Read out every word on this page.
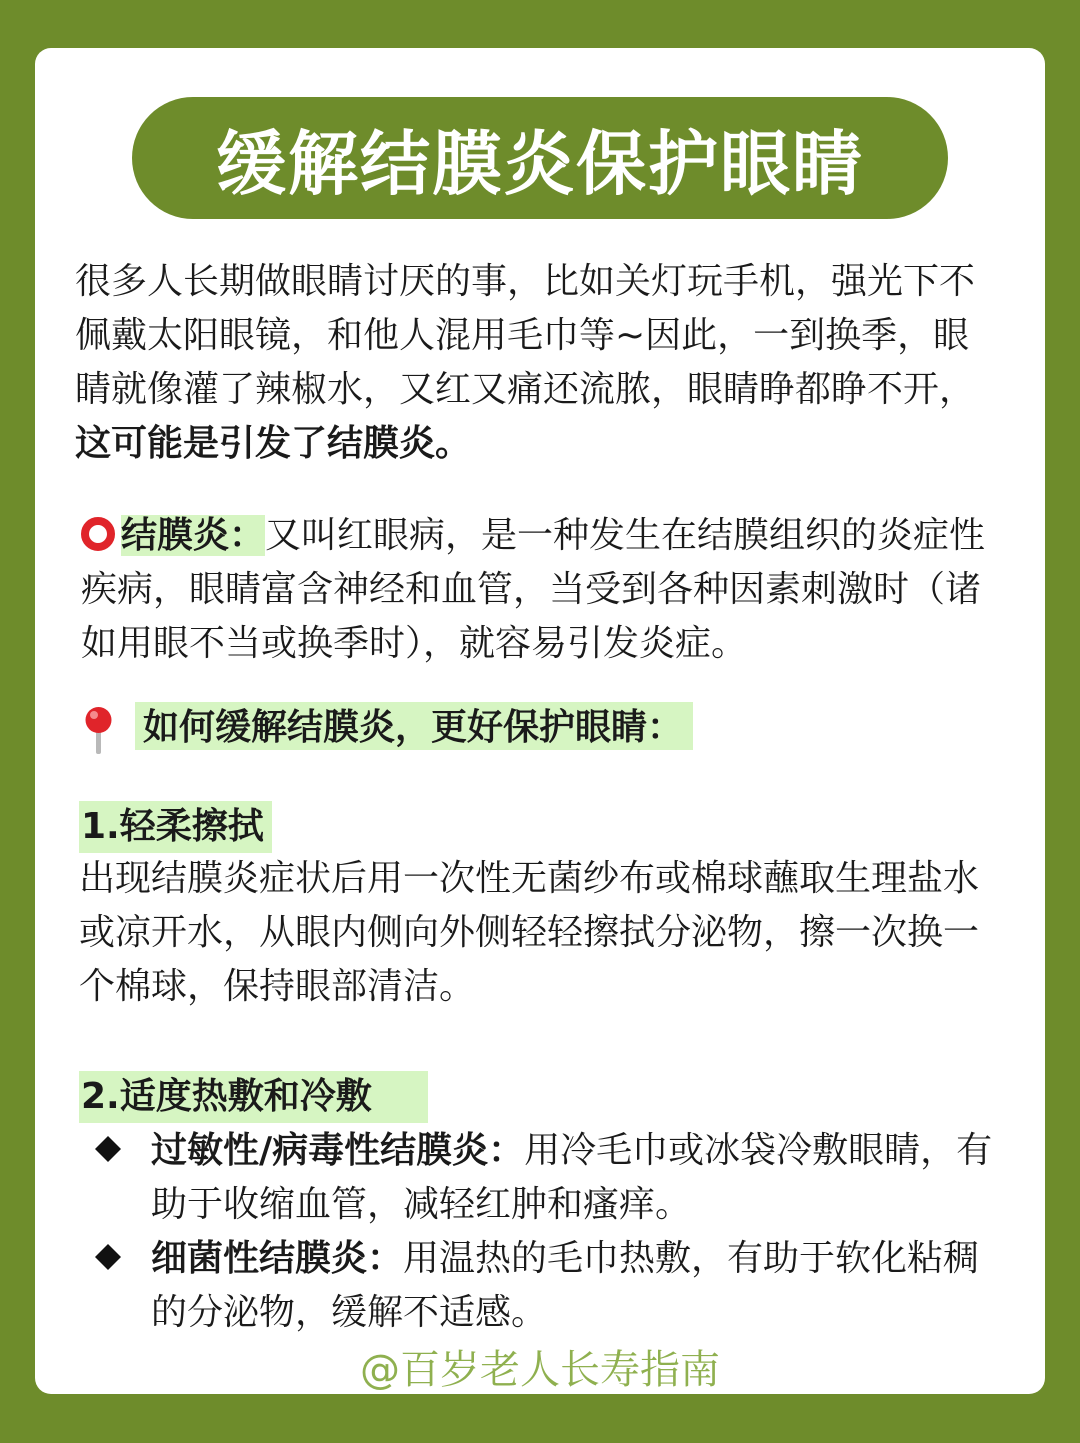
缓解结膜炎保护眼睛

很多人长期做眼睛讨厌的事，比如关灯玩手机，强光下不佩戴太阳眼镜，和他人混用毛巾等~因此，一到换季，眼睛就像灌了辣椒水，又红又痛还流脓，眼睛睁都睁不开，这可能是引发了结膜炎。

结膜炎：又叫红眼病，是一种发生在结膜组织的炎症性疾病，眼睛富含神经和血管，当受到各种因素刺激时（诸如用眼不当或换季时），就容易引发炎症。

如何缓解结膜炎，更好保护眼睛：
1.轻柔擦拭

出现结膜炎症状后用一次性无菌纱布或棉球蘸取生理盐水或凉开水，从眼内侧向外侧轻轻擦拭分泌物，擦一次换一个棉球，保持眼部清洁。

2.适度热敷和冷敷

过敏性/病毒性结膜炎：用冷毛巾或冰袋冷敷眼睛，有助于收缩血管，减轻红肿和瘙痒。

细菌性结膜炎：用温热的毛巾热敷，有助于软化粘稠的分泌物，缓解不适感。

@百岁老人长寿指南
